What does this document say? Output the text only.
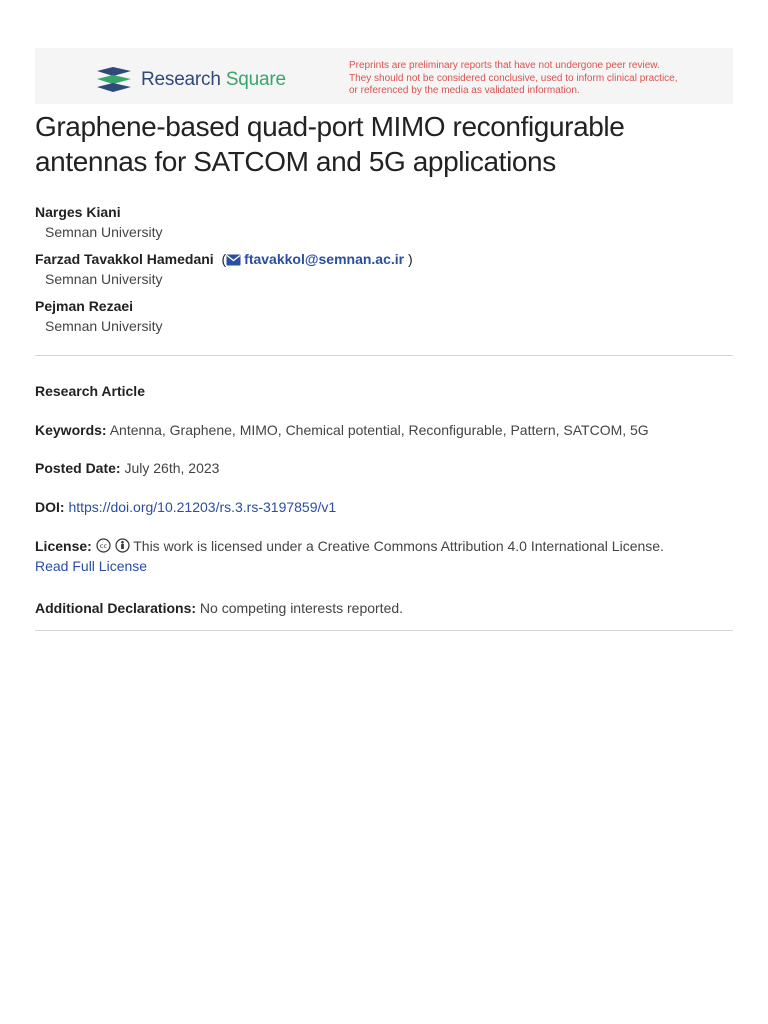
Research Square
Preprints are preliminary reports that have not undergone peer review.
They should not be considered conclusive, used to inform clinical practice,
or referenced by the media as validated information.
Graphene-based quad-port MIMO reconfigurable antennas for SATCOM and 5G applications

Narges Kiani

Semnan University

Farzad Tavakkol Hamedani ( ftavakkol@semnan.ac.ir )

Semnan University

Pejman Rezaei

Semnan University

Research Article
Keywords: Antenna, Graphene, MIMO, Chemical potential, Reconfigurable, Pattern, SATCOM, 5G
Posted Date: July 26th, 2023
DOI: https://doi.org/10.21203/rs.3.rs-3197859/v1
License: cc This work is licensed under a Creative Commons Attribution 4.0 International License.
Read Full License
Additional Declarations: No competing interests reported.
